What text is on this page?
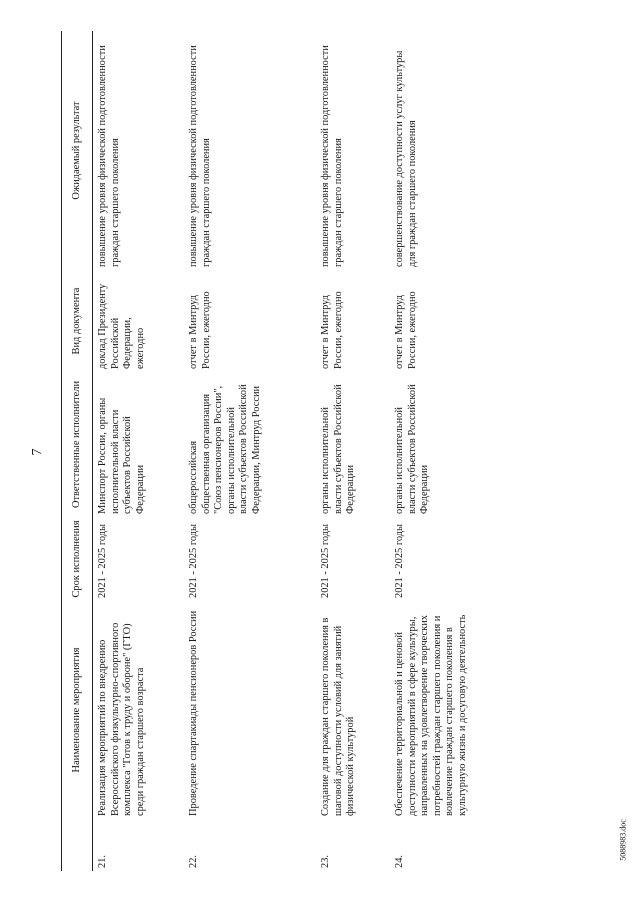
7
	Наименование мероприятия	Срок исполнения	Ответственные исполнители	Вид документа	Ожидаемый результат
21.	Реализация мероприятий по внедрению Всероссийского физкультурно-спортивного комплекса "Готов к труду и обороне" (ГТО) среди граждан старшего возраста	2021 - 2025 годы	Минспорт России, органы исполнительной власти субъектов Российской Федерации	доклад Президенту Российской Федерации, ежегодно	повышение уровня физической подготовленности граждан старшего поколения
22.	Проведение спартакиады пенсионеров России	2021 - 2025 годы	общероссийская общественная организация "Союз пенсионеров России", органы исполнительной власти субъектов Российской Федерации, Минтруд России	отчет в Минтруд России, ежегодно	повышение уровня физической подготовленности граждан старшего поколения
23.	Создание для граждан старшего поколения в шаговой доступности условий для занятий физической культурой	2021 - 2025 годы	органы исполнительной власти субъектов Российской Федерации	отчет в Минтруд России, ежегодно	повышение уровня физической подготовленности граждан старшего поколения
24.	Обеспечение территориальной и ценовой доступности мероприятий в сфере культуры, направленных на удовлетворение творческих потребностей граждан старшего поколения и вовлечение граждан старшего поколения в культурную жизнь и досуговую деятельность	2021 - 2025 годы	органы исполнительной власти субъектов Российской Федерации	отчет в Минтруд России, ежегодно	совершенствование доступности услуг культуры для граждан старшего поколения
5088983.doc
